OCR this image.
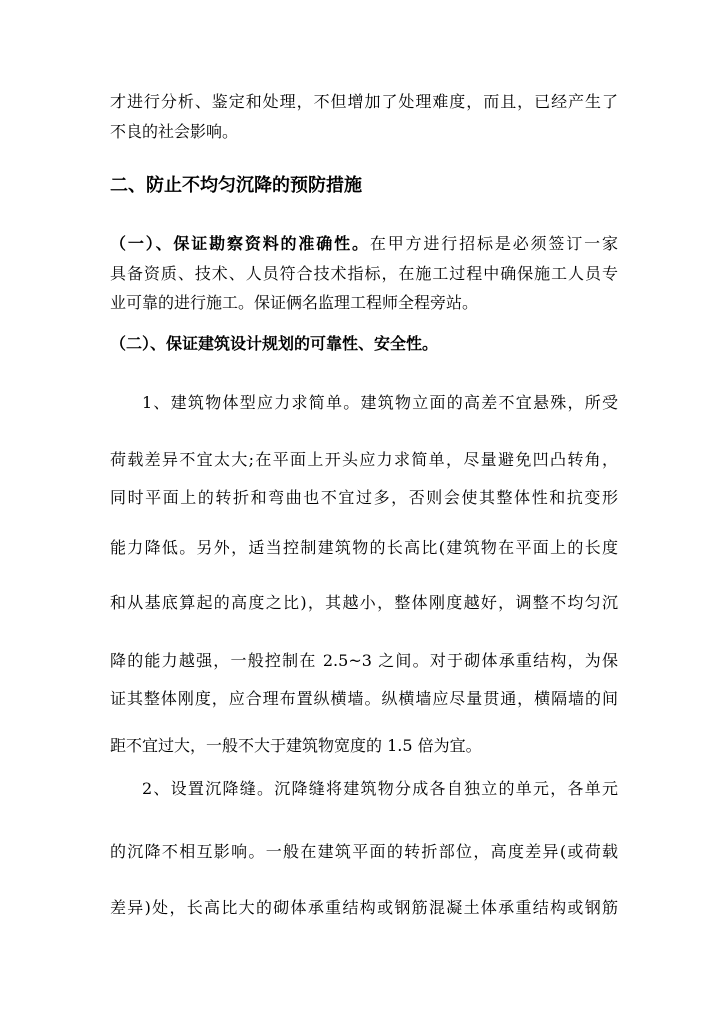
才进行分析、鉴定和处理，不但增加了处理难度，而且，已经产生了
不良的社会影响。
二、防止不均匀沉降的预防措施
（一）、保证勘察资料的准确性。在甲方进行招标是必须签订一家
具备资质、技术、人员符合技术指标，在施工过程中确保施工人员专
业可靠的进行施工。保证俩名监理工程师全程旁站。
（二）、保证建筑设计规划的可靠性、安全性。
1、建筑物体型应力求简单。建筑物立面的高差不宜悬殊，所受
荷载差异不宜太大;在平面上开头应力求简单，尽量避免凹凸转角，
同时平面上的转折和弯曲也不宜过多，否则会使其整体性和抗变形
能力降低。另外，适当控制建筑物的长高比(建筑物在平面上的长度
和从基底算起的高度之比)，其越小，整体刚度越好，调整不均匀沉
降的能力越强，一般控制在 2.5~3 之间。对于砌体承重结构，为保
证其整体刚度，应合理布置纵横墙。纵横墙应尽量贯通，横隔墙的间
距不宜过大，一般不大于建筑物宽度的 1.5 倍为宜。
2、设置沉降缝。沉降缝将建筑物分成各自独立的单元，各单元
的沉降不相互影响。一般在建筑平面的转折部位，高度差异(或荷载
差异)处，长高比大的砌体承重结构或钢筋混凝土体承重结构或钢筋
